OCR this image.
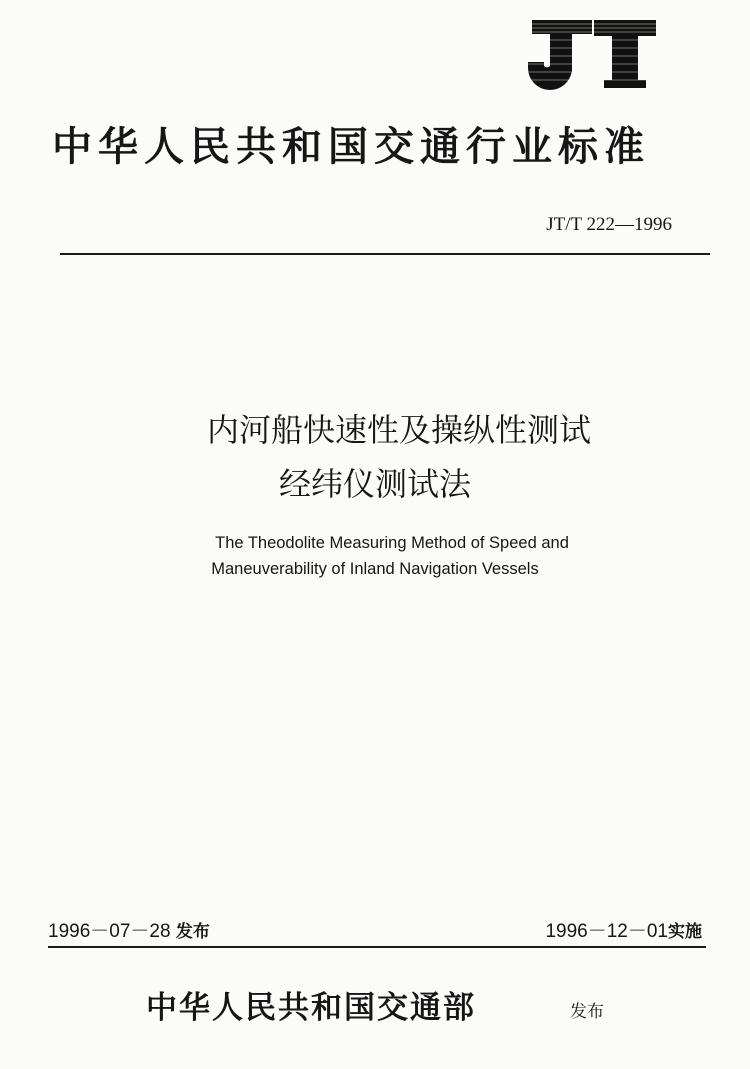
JT
中华人民共和国交通行业标准
JT/T 222—1996
内河船快速性及操纵性测试
经纬仪测试法
The Theodolite Measuring Method of Speed and
Maneuverability of Inland Navigation Vessels
1996－07－28 发布	1996－12－01实施
中华人民共和国交通部	发布
